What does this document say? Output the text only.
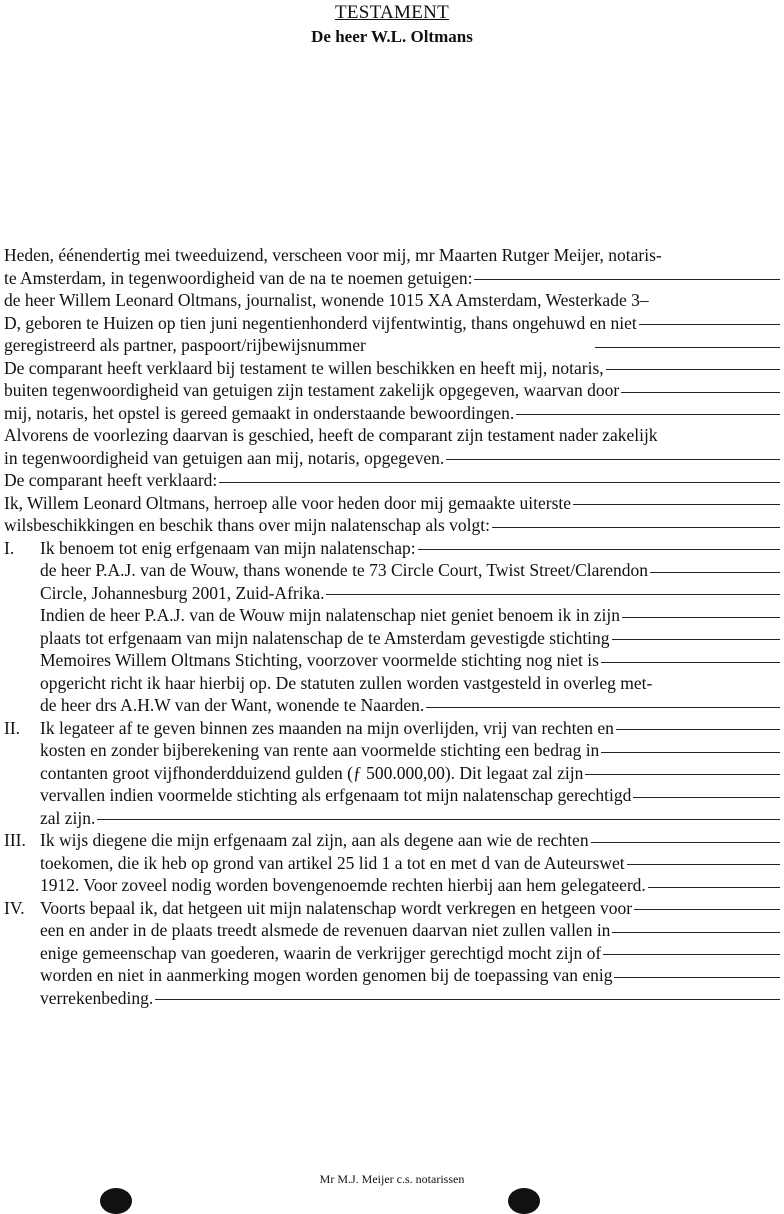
TESTAMENT
De heer W.L. Oltmans
Heden, éénendertig mei tweeduizend, verscheen voor mij, mr Maarten Rutger Meijer, notaris-
te Amsterdam, in tegenwoordigheid van de na te noemen getuigen:
de heer Willem Leonard Oltmans, journalist, wonende 1015 XA Amsterdam, Westerkade 3–
D, geboren te Huizen op tien juni negentienhonderd vijfentwintig, thans ongehuwd en niet
geregistreerd als partner, paspoort/rijbewijsnummer
De comparant heeft verklaard bij testament te willen beschikken en heeft mij, notaris,
buiten tegenwoordigheid van getuigen zijn testament zakelijk opgegeven, waarvan door
mij, notaris, het opstel is gereed gemaakt in onderstaande bewoordingen.
Alvorens de voorlezing daarvan is geschied, heeft de comparant zijn testament nader zakelijk
in tegenwoordigheid van getuigen aan mij, notaris, opgegeven.
De comparant heeft verklaard:
Ik, Willem Leonard Oltmans, herroep alle voor heden door mij gemaakte uiterste
wilsbeschikkingen en beschik thans over mijn nalatenschap als volgt:
I.	Ik benoem tot enig erfgenaam van mijn nalatenschap:
de heer P.A.J. van de Wouw, thans wonende te 73 Circle Court, Twist Street/Clarendon
Circle, Johannesburg 2001, Zuid-Afrika.
Indien de heer P.A.J. van de Wouw mijn nalatenschap niet geniet benoem ik in zijn
plaats tot erfgenaam van mijn nalatenschap de te Amsterdam gevestigde stichting
Memoires Willem Oltmans Stichting, voorzover voormelde stichting nog niet is
opgericht richt ik haar hierbij op. De statuten zullen worden vastgesteld in overleg met-
de heer drs A.H.W van der Want, wonende te Naarden.
II.	Ik legateer af te geven binnen zes maanden na mijn overlijden, vrij van rechten en
kosten en zonder bijberekening van rente aan voormelde stichting een bedrag in
contanten groot vijfhonderdduizend gulden (ƒ 500.000,00). Dit legaat zal zijn
vervallen indien voormelde stichting als erfgenaam tot mijn nalatenschap gerechtigd
zal zijn.
III. Ik wijs diegene die mijn erfgenaam zal zijn, aan als degene aan wie de rechten
toekomen, die ik heb op grond van artikel 25 lid 1 a tot en met d van de Auteurswet
1912. Voor zoveel nodig worden bovengenoemde rechten hierbij aan hem gelegateerd.
IV. Voorts bepaal ik, dat hetgeen uit mijn nalatenschap wordt verkregen en hetgeen voor
een en ander in de plaats treedt alsmede de revenuen daarvan niet zullen vallen in
enige gemeenschap van goederen, waarin de verkrijger gerechtigd mocht zijn of
worden en niet in aanmerking mogen worden genomen bij de toepassing van enig
verrekenbeding.
Mr M.J. Meijer c.s. notarissen
